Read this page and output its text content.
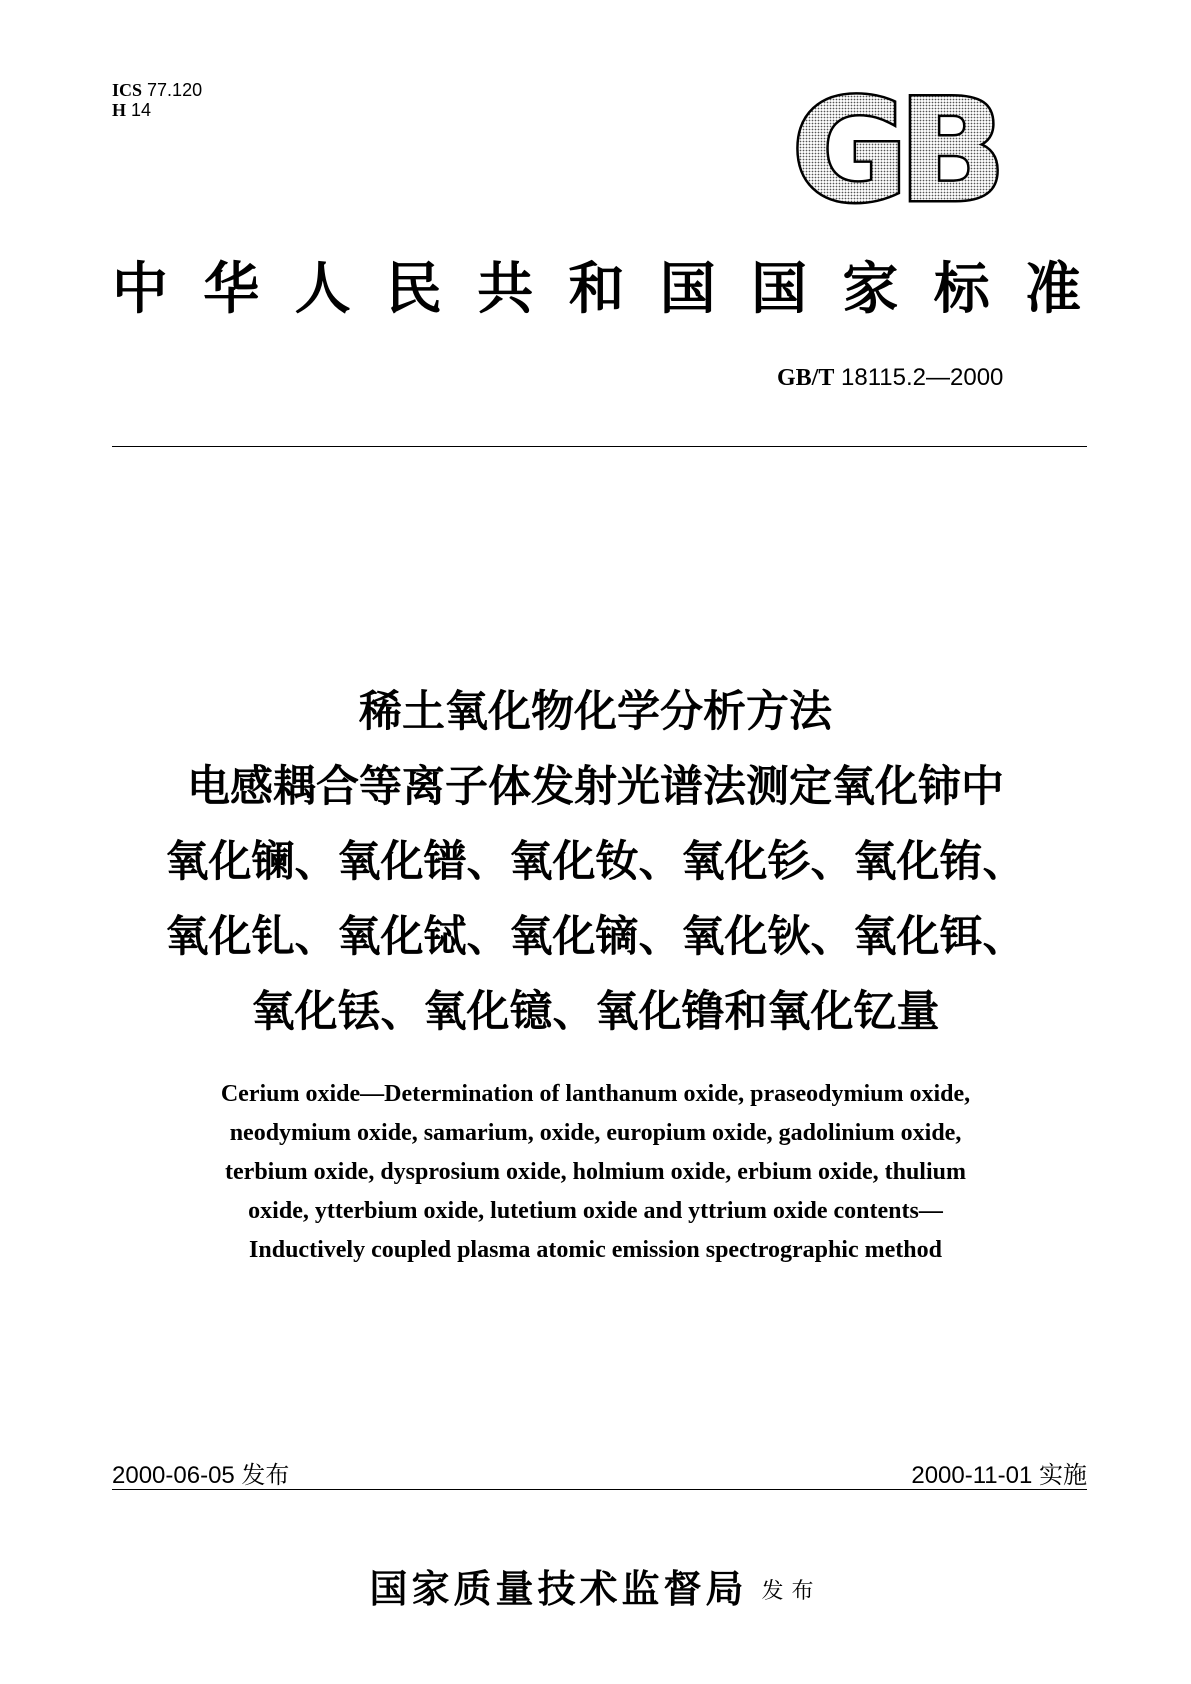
ICS 77.120
H 14	GB
中华人民共和国国家标准
GB/T 18115.2—2000
稀土氧化物化学分析方法
电感耦合等离子体发射光谱法测定氧化铈中
氧化镧、氧化镨、氧化钕、氧化钐、氧化铕、
氧化钆、氧化铽、氧化镝、氧化钬、氧化铒、
氧化铥、氧化镱、氧化镥和氧化钇量
Cerium oxide—Determination of lanthanum oxide, praseodymium oxide,
neodymium oxide, samarium, oxide, europium oxide, gadolinium oxide,
terbium oxide, dysprosium oxide, holmium oxide, erbium oxide, thulium
oxide, ytterbium oxide, lutetium oxide and yttrium oxide contents—
Inductively coupled plasma atomic emission spectrographic method
2000-06-05 发布	2000-11-01 实施
国家质量技术监督局 发布
